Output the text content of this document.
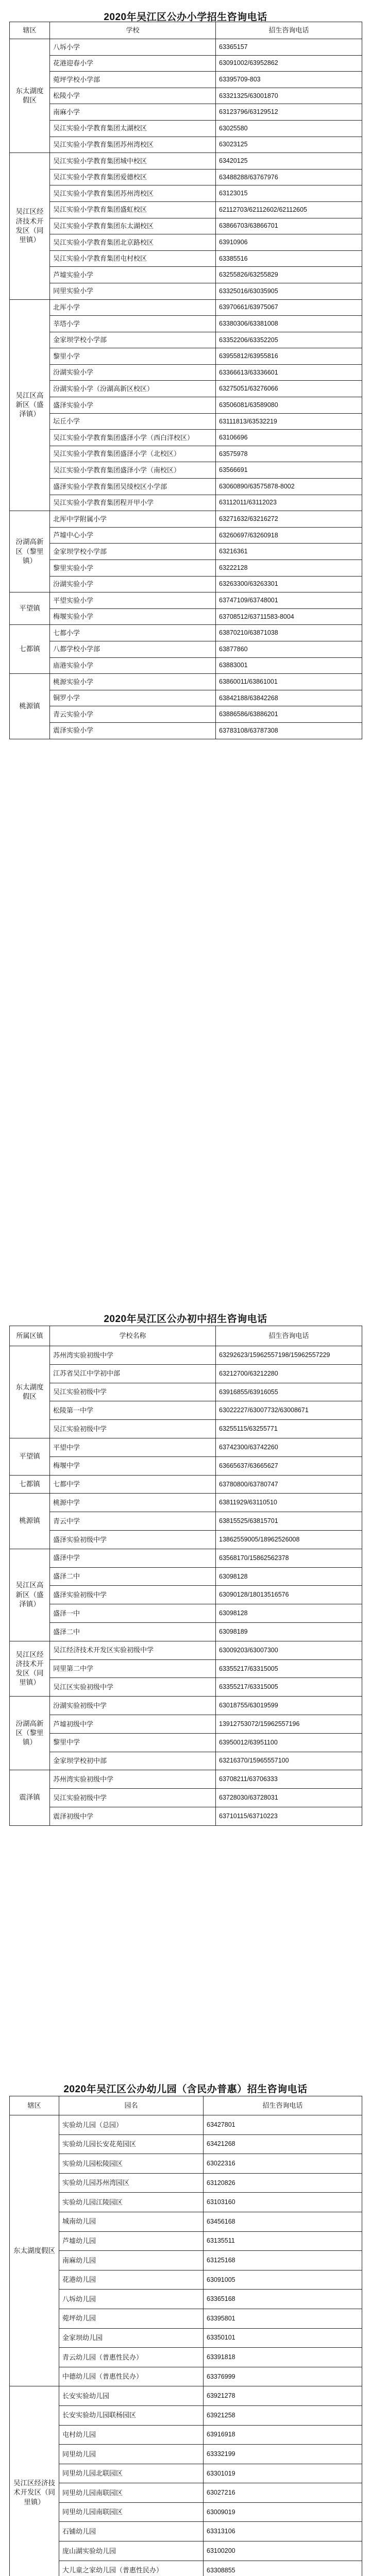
2020年吴江区公办小学招生咨询电话
辖区	学校	招生咨询电话
东太湖度假区	八坼小学	63365157
	花港迎春小学	63091002/63952862
	菀坪学校小学部	63395709-803
	松陵小学	63321325/63001870
	南麻小学	63123796/63129512
	吴江实验小学教育集团太湖校区	63025580
	吴江实验小学教育集团苏州湾校区	63023125
吴江区经济技术开发区（同里镇）	吴江实验小学教育集团城中校区	63420125
	吴江实验小学教育集团爱德校区	63488288/63767976
	吴江实验小学教育集团苏州湾校区	63123015
	吴江实验小学教育集团盛虹校区	62112703/62112602/62112605
	吴江实验小学教育集团东太湖校区	63866703/63866701
	吴江实验小学教育集团北京路校区	63910906
	吴江实验小学教育集团屯村校区	63385516
	芦墟实验小学	63255826/63255829
	同里实验小学	63325016/63035905
吴江区高新区（盛泽镇）	北厍小学	63970661/63975067
	莘塔小学	63380306/63381008
	金家坝学校小学部	63352206/63352205
	黎里小学	63955812/63955816
	汾湖实验小学	63366613/63336601
	汾湖实验小学（汾湖高新区校区）	63275051/63276066
	盛泽实验小学	63506081/63589080
	坛丘小学	63111813/63532219
	吴江实验小学教育集团盛泽小学（西白洋校区）	63106696
	吴江实验小学教育集团盛泽小学（北校区）	63575978
	吴江实验小学教育集团盛泽小学（南校区）	63566691
	盛泽实验小学教育集团吴绫校区小学部	63060890/63575878-8002
	吴江实验小学教育集团程开甲小学	63112011/63112023
汾湖高新区（黎里镇）	北厍中学附属小学	63271632/63216272
	芦墟中心小学	63260697/63260918
	金家坝学校小学部	63216361
	黎里实验小学	63222128
	汾湖实验小学	63263300/63263301
平望镇	平望实验小学	63747109/63748001
	梅堰实验小学	63708512/63711583-8004
七都镇	七都小学	63870210/63871038
	八都学校小学部	63877860
	庙港实验小学	63883001
桃源镇	桃源实验小学	63860011/63861001
	铜罗小学	63842188/63842268
	青云实验小学	63886586/63886201
	震泽实验小学	63783108/63787308
2020年吴江区公办初中招生咨询电话
所属区镇	学校名称	招生咨询电话
东太湖度假区	苏州湾实验初级中学	63292623/15962557198/15962557229
	江苏省吴江中学初中部	63212700/63212280
	吴江实验初级中学	63916855/63916055
	松陵第一中学	63022227/63007732/63008671
	吴江实验初级中学	63255115/63255771
平望镇	平望中学	63742300/63742260
	梅堰中学	63665637/63665627
七都镇	七都中学	63780800/63780747
桃源镇	桃源中学	63811929/63110510
	青云中学	63815525/63815701
	盛泽实验初级中学	13862559005/18962526008
吴江区高新区（盛泽镇）	盛泽中学	63568170/15862562378
	盛泽二中	63098128
	盛泽实验初级中学	63090128/18013516576
	盛泽一中	63098128
	盛泽二中	63098189
吴江区经济技术开发区（同里镇）	吴江经济技术开发区实验初级中学	63009203/63007300
	同里第二中学	63355217/63315005
	吴江区实验初级中学	63355217/63315005
汾湖高新区（黎里镇）	汾湖实验初级中学	63018755/63019599
	芦墟初级中学	13912753072/15962557196
	黎里中学	63950012/63951100
	金家坝学校初中部	63216370/15965557100
震泽镇	苏州湾实验初级中学	63708211/63706333
	吴江实验初级中学	63728030/63728031
	震泽初级中学	63710115/63710223
2020年吴江区公办幼儿园（含民办普惠）招生咨询电话
辖区	园名	招生咨询电话
东太湖度假区	实验幼儿园（总园）	63427801
	实验幼儿园长安花苑园区	63421268
	实验幼儿园松陵园区	63022316
	实验幼儿园苏州湾园区	63120826
	实验幼儿园江陵园区	63103160
	城南幼儿园	63456168
	芦墟幼儿园	63135511
	南麻幼儿园	63125168
	花港幼儿园	63091005
	八坼幼儿园	63365168
	菀坪幼儿园	63395801
	金家坝幼儿园	63350101
	青云幼儿园（普惠性民办）	63391818
	中德幼儿园（普惠性民办）	63376999
吴江区经济技术开发区（同里镇）	长安实验幼儿园	63921278
	长安实验幼儿园联杨园区	63921258
	屯村幼儿园	63916918
	同里幼儿园	63332199
	同里幼儿园北联园区	63301019
	同里幼儿园南联园区	63027216
	同里幼儿园南联园区	63009019
	石铺幼儿园	63313106
	庞山湖实验幼儿园	63100200
	大儿童之家幼儿园（普惠性民办）	63308855
